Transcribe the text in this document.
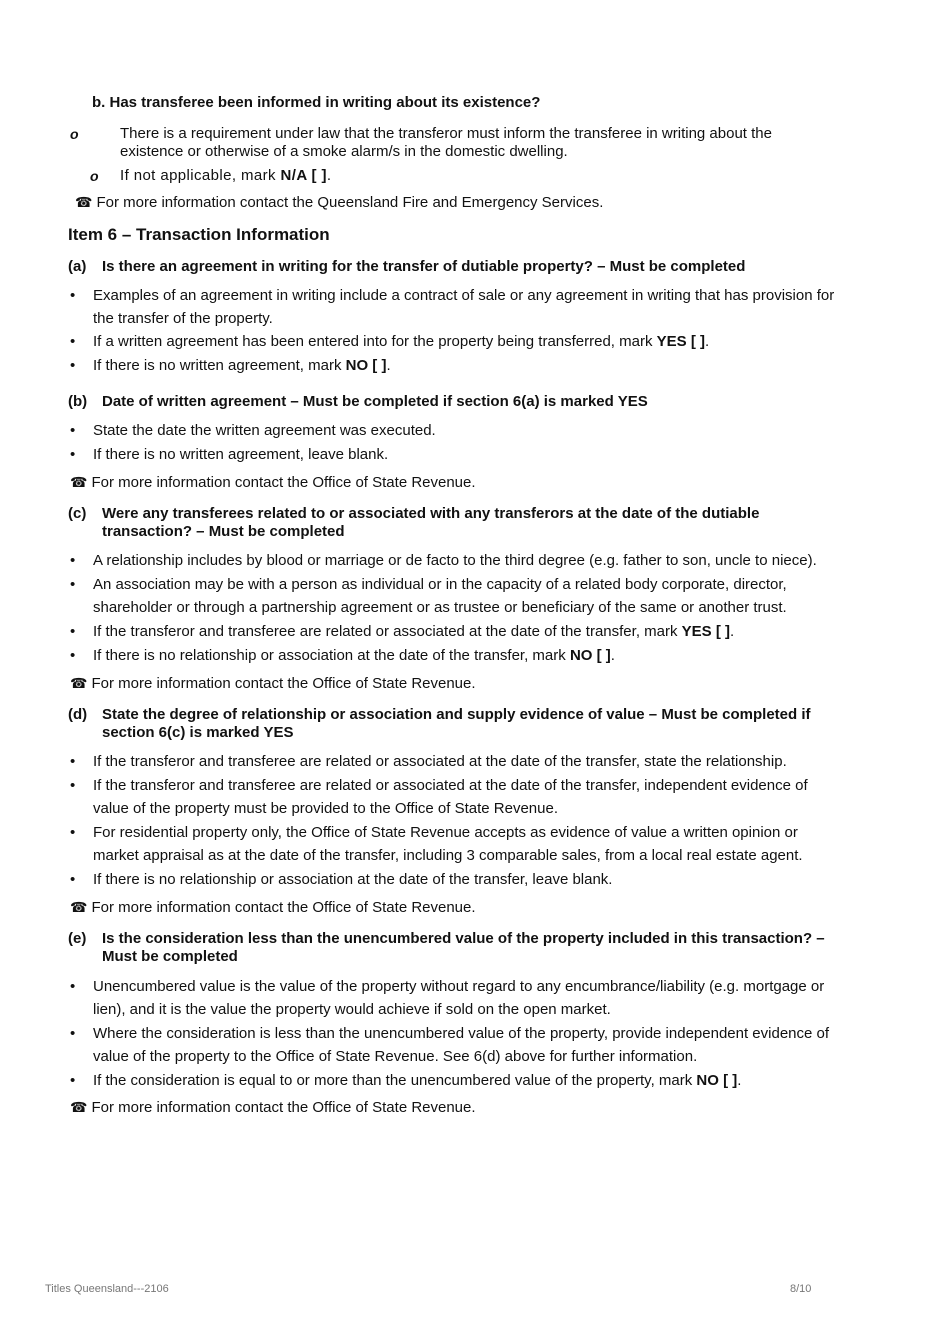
b. Has transferee been informed in writing about its existence?
o	There is a requirement under law that the transferor must inform the transferee in writing about the
existence or otherwise of a smoke alarm/s in the domestic dwelling.
o If not applicable, mark N/A [ ].
☎ For more information contact the Queensland Fire and Emergency Services.
Item 6 – Transaction Information
(a) Is there an agreement in writing for the transfer of dutiable property? – Must be completed
• Examples of an agreement in writing include a contract of sale or any agreement in writing that has provision for
the transfer of the property.
• If a written agreement has been entered into for the property being transferred, mark YES [ ].
• If there is no written agreement, mark NO [ ].
(b) Date of written agreement – Must be completed if section 6(a) is marked YES
• State the date the written agreement was executed.
• If there is no written agreement, leave blank.
☎ For more information contact the Office of State Revenue.
(c) Were any transferees related to or associated with any transferors at the date of the dutiable
transaction? – Must be completed
• A relationship includes by blood or marriage or de facto to the third degree (e.g. father to son, uncle to niece).
• An association may be with a person as individual or in the capacity of a related body corporate, director,
shareholder or through a partnership agreement or as trustee or beneficiary of the same or another trust.
• If the transferor and transferee are related or associated at the date of the transfer, mark YES [ ].
• If there is no relationship or association at the date of the transfer, mark NO [ ].
☎ For more information contact the Office of State Revenue.
(d) State the degree of relationship or association and supply evidence of value – Must be completed if
section 6(c) is marked YES
• If the transferor and transferee are related or associated at the date of the transfer, state the relationship.
• If the transferor and transferee are related or associated at the date of the transfer, independent evidence of
value of the property must be provided to the Office of State Revenue.
• For residential property only, the Office of State Revenue accepts as evidence of value a written opinion or
market appraisal as at the date of the transfer, including 3 comparable sales, from a local real estate agent.
• If there is no relationship or association at the date of the transfer, leave blank.
☎ For more information contact the Office of State Revenue.
(e) Is the consideration less than the unencumbered value of the property included in this transaction? –
Must be completed
• Unencumbered value is the value of the property without regard to any encumbrance/liability (e.g. mortgage or
lien), and it is the value the property would achieve if sold on the open market.
• Where the consideration is less than the unencumbered value of the property, provide independent evidence of
value of the property to the Office of State Revenue. See 6(d) above for further information.
• If the consideration is equal to or more than the unencumbered value of the property, mark NO [ ].
☎ For more information contact the Office of State Revenue.
Titles Queensland---2106	8/10
